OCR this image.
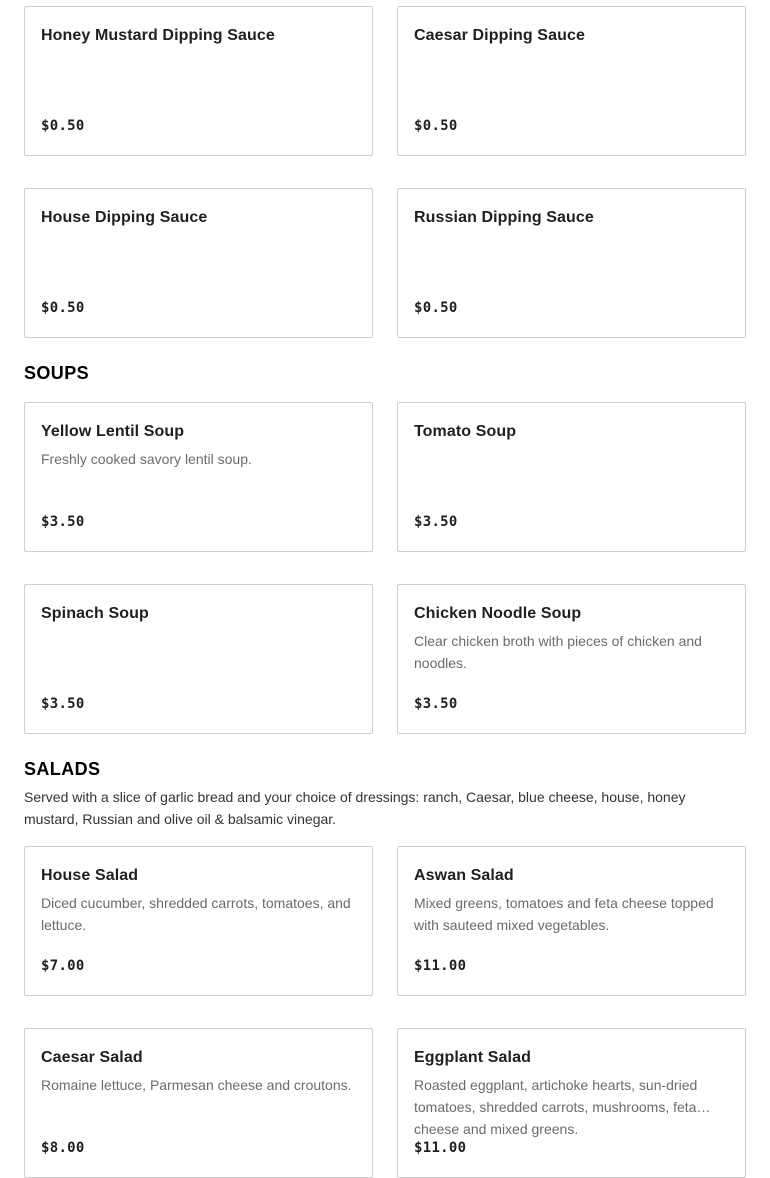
Honey Mustard Dipping Sauce
$0.50
Caesar Dipping Sauce
$0.50
House Dipping Sauce
$0.50
Russian Dipping Sauce
$0.50
SOUPS
Yellow Lentil Soup
Freshly cooked savory lentil soup.
$3.50
Tomato Soup
$3.50
Spinach Soup
$3.50
Chicken Noodle Soup
Clear chicken broth with pieces of chicken and noodles.
$3.50
SALADS
Served with a slice of garlic bread and your choice of dressings: ranch, Caesar, blue cheese, house, honey mustard, Russian and olive oil & balsamic vinegar.
House Salad
Diced cucumber, shredded carrots, tomatoes, and lettuce.
$7.00
Aswan Salad
Mixed greens, tomatoes and feta cheese topped with sauteed mixed vegetables.
$11.00
Caesar Salad
Romaine lettuce, Parmesan cheese and croutons.
$8.00
Eggplant Salad
Roasted eggplant, artichoke hearts, sun-dried tomatoes, shredded carrots, mushrooms, feta cheese and mixed greens.
$11.00
